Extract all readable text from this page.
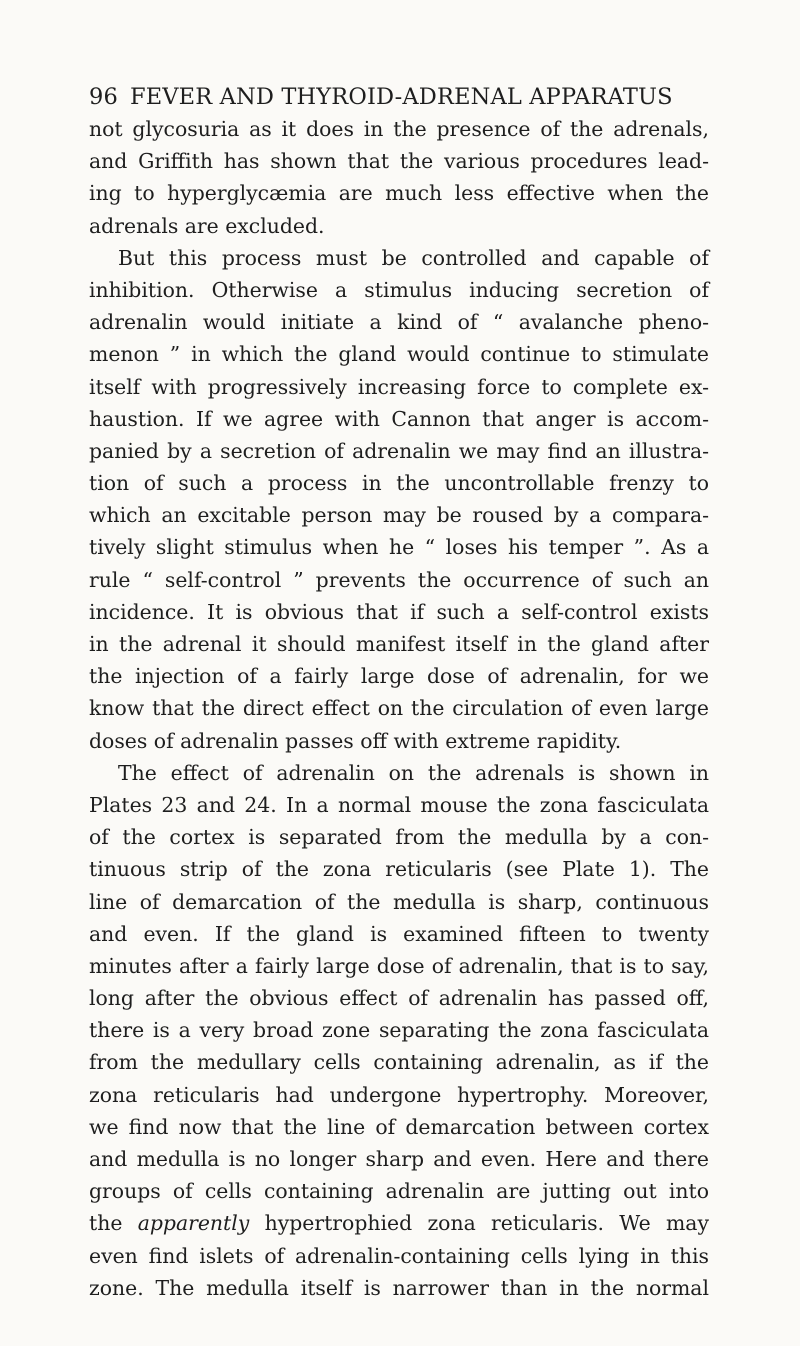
96 FEVER AND THYROID-ADRENAL APPARATUS
not glycosuria as it does in the presence of the adrenals,
and Griffith has shown that the various procedures lead-
ing to hyperglycæmia are much less effective when the
adrenals are excluded.
But this process must be controlled and capable of
inhibition. Otherwise a stimulus inducing secretion of
adrenalin would initiate a kind of “ avalanche pheno-
menon ” in which the gland would continue to stimulate
itself with progressively increasing force to complete ex-
haustion. If we agree with Cannon that anger is accom-
panied by a secretion of adrenalin we may find an illustra-
tion of such a process in the uncontrollable frenzy to
which an excitable person may be roused by a compara-
tively slight stimulus when he “ loses his temper ”. As a
rule “ self-control ” prevents the occurrence of such an
incidence. It is obvious that if such a self-control exists
in the adrenal it should manifest itself in the gland after
the injection of a fairly large dose of adrenalin, for we
know that the direct effect on the circulation of even large
doses of adrenalin passes off with extreme rapidity.
The effect of adrenalin on the adrenals is shown in
Plates 23 and 24. In a normal mouse the zona fasciculata
of the cortex is separated from the medulla by a con-
tinuous strip of the zona reticularis (see Plate 1). The
line of demarcation of the medulla is sharp, continuous
and even. If the gland is examined fifteen to twenty
minutes after a fairly large dose of adrenalin, that is to say,
long after the obvious effect of adrenalin has passed off,
there is a very broad zone separating the zona fasciculata
from the medullary cells containing adrenalin, as if the
zona reticularis had undergone hypertrophy. Moreover,
we find now that the line of demarcation between cortex
and medulla is no longer sharp and even. Here and there
groups of cells containing adrenalin are jutting out into
the apparently hypertrophied zona reticularis. We may
even find islets of adrenalin-containing cells lying in this
zone. The medulla itself is narrower than in the normal
